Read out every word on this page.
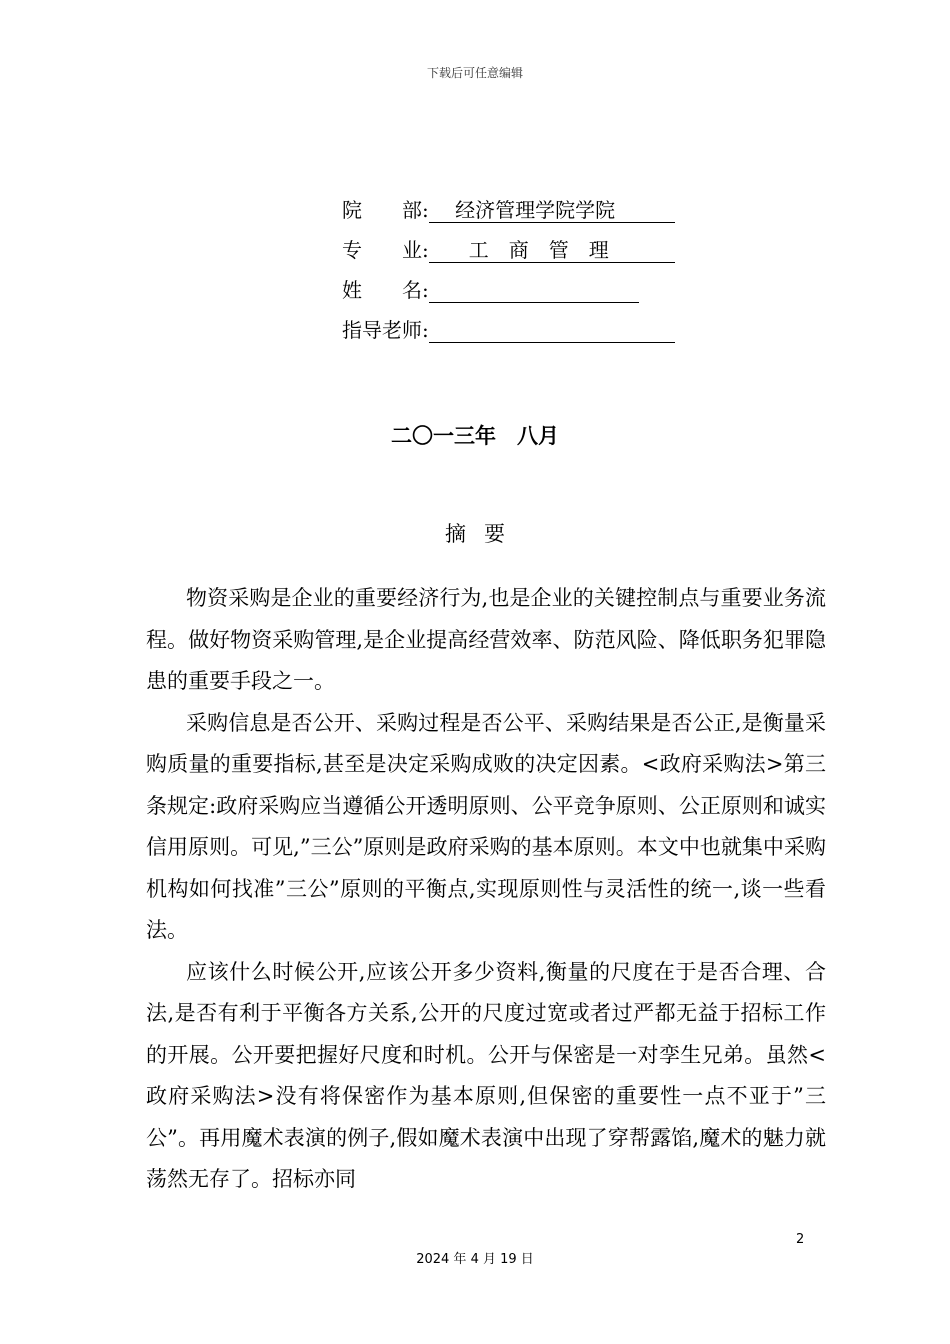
下载后可任意编辑
院　　部: 　 经济管理学院学院　
专　　业: 　　工　商　管　理　　
姓　　名:
指导老师:
二〇一三年　八月
摘要

物资采购是企业的重要经济行为,也是企业的关键控制点与重要业务流程。做好物资采购管理,是企业提高经营效率、防范风险、降低职务犯罪隐患的重要手段之一。

采购信息是否公开、采购过程是否公平、采购结果是否公正,是衡量采购质量的重要指标,甚至是决定采购成败的决定因素。<政府采购法>第三条规定:政府采购应当遵循公开透明原则、公平竞争原则、公正原则和诚实信用原则。可见,”三公”原则是政府采购的基本原则。本文中也就集中采购机构如何找准”三公”原则的平衡点,实现原则性与灵活性的统一,谈一些看法。

应该什么时候公开,应该公开多少资料,衡量的尺度在于是否合理、合法,是否有利于平衡各方关系,公开的尺度过宽或者过严都无益于招标工作的开展。公开要把握好尺度和时机。公开与保密是一对孪生兄弟。虽然<政府采购法>没有将保密作为基本原则,但保密的重要性一点不亚于”三公”。再用魔术表演的例子,假如魔术表演中出现了穿帮露馅,魔术的魅力就荡然无存了。招标亦同

2
2024 年 4 月 19 日
